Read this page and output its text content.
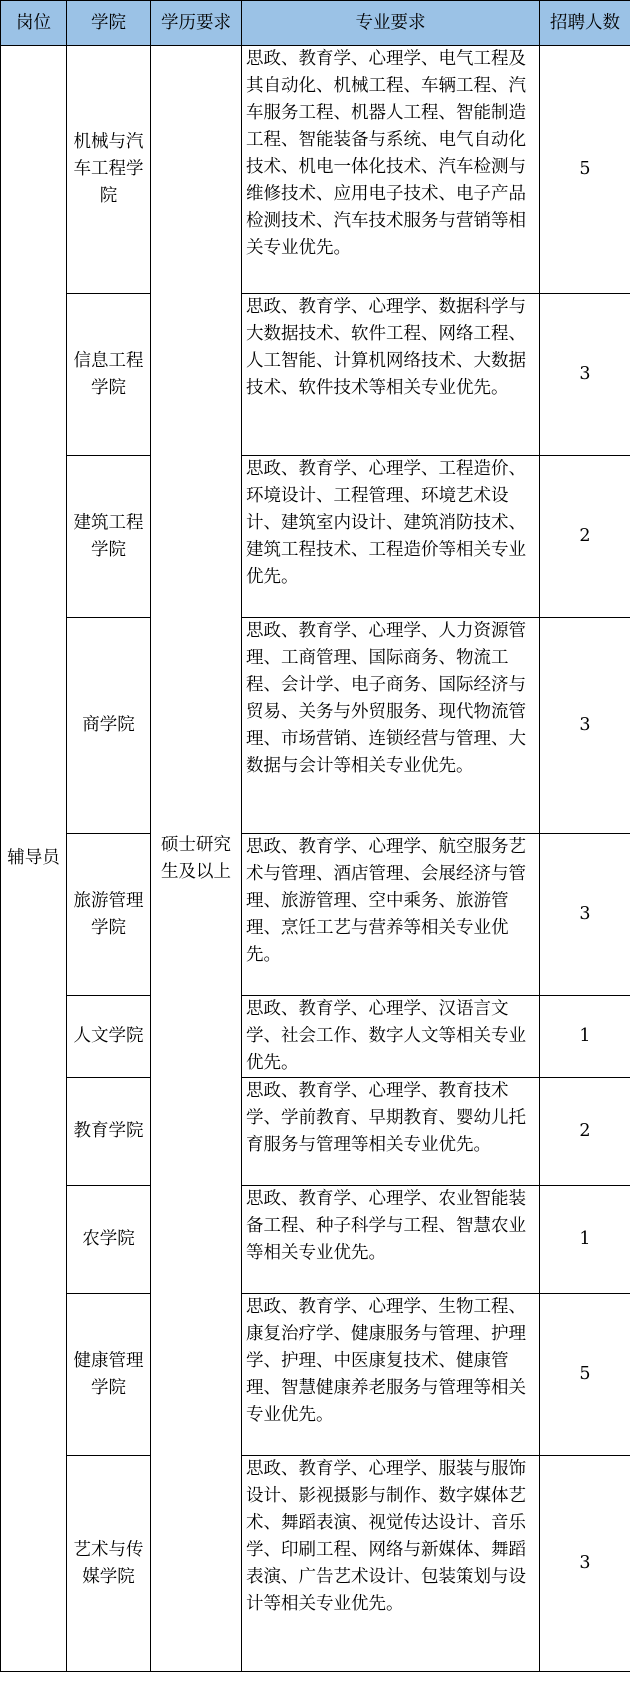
岗位	学院	学历要求	专业要求	招聘人数
辅导员	机械与汽车工程学院	硕士研究生及以上	思政、教育学、心理学、电气工程及其自动化、机械工程、车辆工程、汽车服务工程、机器人工程、智能制造工程、智能装备与系统、电气自动化技术、机电一体化技术、汽车检测与维修技术、应用电子技术、电子产品检测技术、汽车技术服务与营销等相关专业优先。	5
	信息工程学院		思政、教育学、心理学、数据科学与大数据技术、软件工程、网络工程、人工智能、计算机网络技术、大数据技术、软件技术等相关专业优先。	3
	建筑工程学院		思政、教育学、心理学、工程造价、环境设计、工程管理、环境艺术设计、建筑室内设计、建筑消防技术、建筑工程技术、工程造价等相关专业优先。	2
	商学院		思政、教育学、心理学、人力资源管理、工商管理、国际商务、物流工程、会计学、电子商务、国际经济与贸易、关务与外贸服务、现代物流管理、市场营销、连锁经营与管理、大数据与会计等相关专业优先。	3
	旅游管理学院		思政、教育学、心理学、航空服务艺术与管理、酒店管理、会展经济与管理、旅游管理、空中乘务、旅游管理、烹饪工艺与营养等相关专业优先。	3
	人文学院		思政、教育学、心理学、汉语言文学、社会工作、数字人文等相关专业优先。	1
	教育学院		思政、教育学、心理学、教育技术学、学前教育、早期教育、婴幼儿托育服务与管理等相关专业优先。	2
	农学院		思政、教育学、心理学、农业智能装备工程、种子科学与工程、智慧农业等相关专业优先。	1
	健康管理学院		思政、教育学、心理学、生物工程、康复治疗学、健康服务与管理、护理学、护理、中医康复技术、健康管理、智慧健康养老服务与管理等相关专业优先。	5
	艺术与传媒学院		思政、教育学、心理学、服装与服饰设计、影视摄影与制作、数字媒体艺术、舞蹈表演、视觉传达设计、音乐学、印刷工程、网络与新媒体、舞蹈表演、广告艺术设计、包装策划与设计等相关专业优先。	3
